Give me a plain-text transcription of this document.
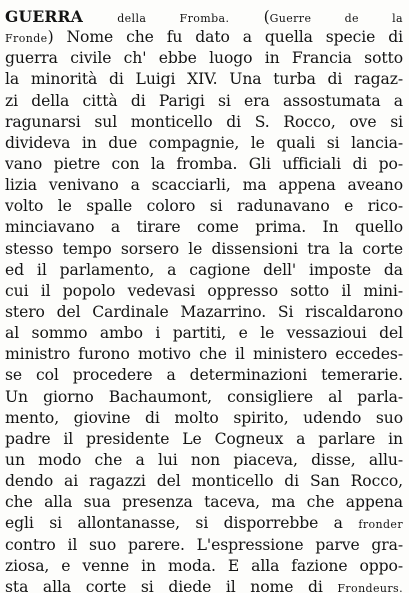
GUERRA	della Fromba. (Guerre de la
Fronde) Nome che fu dato a quella specie di
guerra civile ch' ebbe luogo in Francia sotto
la minorità di Luigi XIV. Una turba di ragaz-
zi della città di Parigi si era assostumata a
ragunarsi sul monticello di S. Rocco, ove si
divideva in due compagnie, le quali si lancia-
vano pietre con la fromba. Gli ufficiali di po-
lizia venivano a scacciarli, ma appena aveano
volto le spalle coloro si radunavano e rico-
minciavano a tirare come prima. In quello
stesso tempo sorsero le dissensioni tra la corte
ed il parlamento, a cagione dell' imposte da
cui il popolo vedevasi oppresso sotto il mini-
stero del Cardinale Mazarrino. Si riscaldarono
al sommo ambo i partiti, e le vessazioui del
ministro furono motivo che il ministero eccedes-
se col procedere a determinazioni temerarie.
Un giorno Bachaumont, consigliere al parla-
mento, giovine di molto spirito, udendo suo
padre il presidente Le Cogneux a parlare in
un modo che a lui non piaceva, disse, allu-
dendo ai ragazzi del monticello di San Rocco,
che alla sua presenza taceva, ma che appena
egli si allontanasse, si disporrebbe a fronder
contro il suo parere. L'espressione parve gra-
ziosa, e venne in moda. E alla fazione oppo-
sta alla corte si diede il nome di Frondeurs.
